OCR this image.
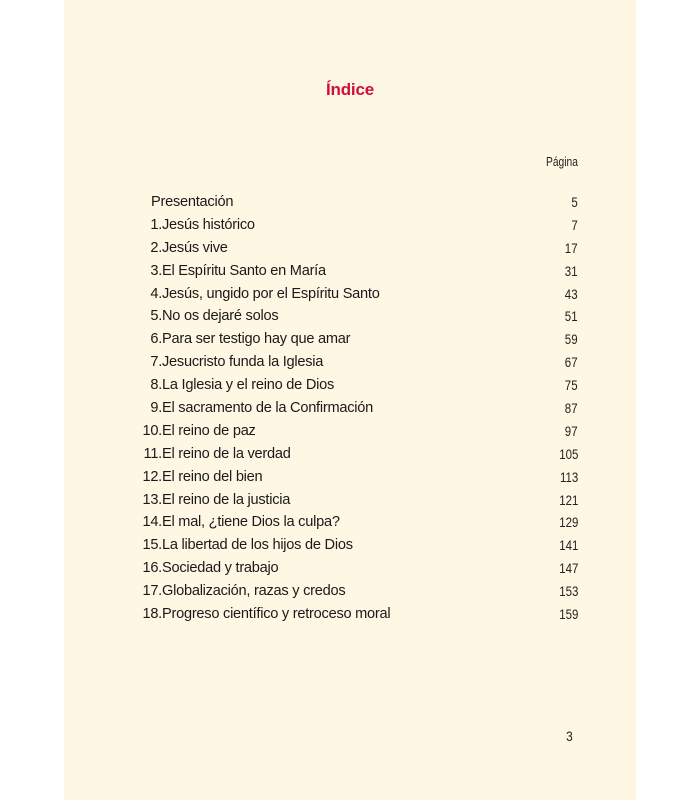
Índice
Página
Presentación	5
1. Jesús histórico	7
2. Jesús vive	17
3. El Espíritu Santo en María	31
4. Jesús, ungido por el Espíritu Santo	43
5. No os dejaré solos	51
6. Para ser testigo hay que amar	59
7. Jesucristo funda la Iglesia	67
8. La Iglesia y el reino de Dios	75
9. El sacramento de la Confirmación	87
10. El reino de paz	97
11. El reino de la verdad	105
12. El reino del bien	113
13. El reino de la justicia	121
14. El mal, ¿tiene Dios la culpa?	129
15. La libertad de los hijos de Dios	141
16. Sociedad y trabajo	147
17. Globalización, razas y credos	153
18. Progreso científico y retroceso moral	159
3
